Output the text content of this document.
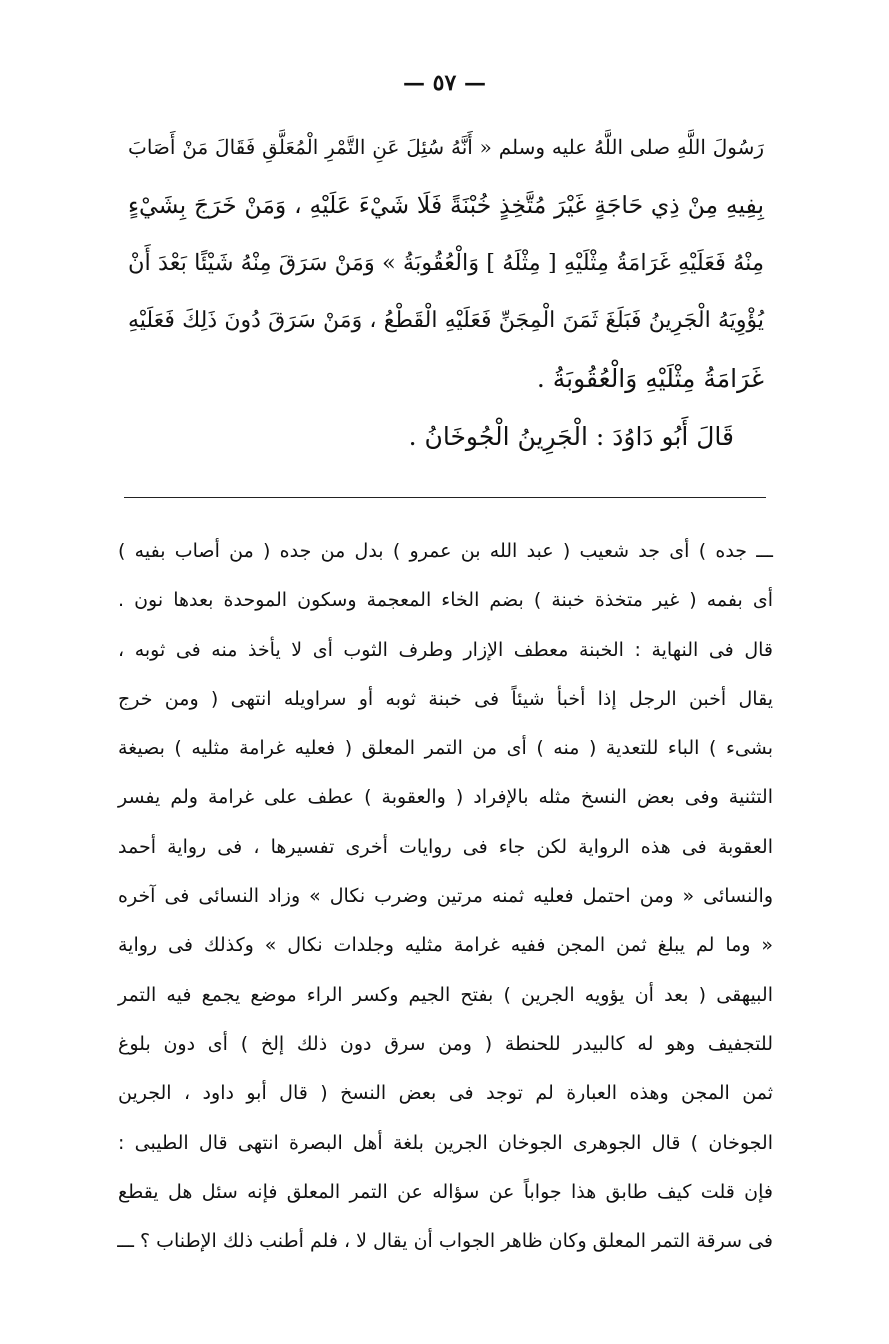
— ٥٧ —
رَسُولَ اللَّهِ صلى اللَّهُ عليه وسلم « أَنَّهُ سُئِلَ عَنِ التَّمْرِ الْمُعَلَّقِ فَقَالَ مَنْ أَصَابَ
بِفِيهِ مِنْ ذِي حَاجَةٍ غَيْرَ مُتَّخِذٍ خُبْنَةً فَلَا شَيْءَ عَلَيْهِ ، وَمَنْ خَرَجَ بِشَيْءٍ
مِنْهُ فَعَلَيْهِ غَرَامَةُ مِثْلَيْهِ [ مِثْلَهُ ] وَالْعُقُوبَةُ » وَمَنْ سَرَقَ مِنْهُ شَيْئًا بَعْدَ أَنْ
يُؤْوِيَهُ الْجَرِينُ فَبَلَغَ ثَمَنَ الْمِجَنِّ فَعَلَيْهِ الْقَطْعُ ، وَمَنْ سَرَقَ دُونَ ذَلِكَ فَعَلَيْهِ
غَرَامَةُ مِثْلَيْهِ وَالْعُقُوبَةُ .
قَالَ أَبُو دَاوُدَ : الْجَرِينُ الْجُوخَانُ .
ـــ جده ) أى جد شعيب ( عبد الله بن عمرو ) بدل من جده ( من أصاب بفيه )
أى بفمه ( غير متخذة خبنة ) بضم الخاء المعجمة وسكون الموحدة بعدها نون .
قال فى النهاية : الخبنة معطف الإزار وطرف الثوب أى لا يأخذ منه فى ثوبه ،
يقال أخبن الرجل إذا أخبأ شيئاً فى خبنة ثوبه أو سراويله انتهى ( ومن خرج
بشىء ) الباء للتعدية ( منه ) أى من التمر المعلق ( فعليه غرامة مثليه ) بصيغة
التثنية وفى بعض النسخ مثله بالإفراد ( والعقوبة ) عطف على غرامة ولم يفسر
العقوبة فى هذه الرواية لكن جاء فى روايات أخرى تفسيرها ، فى رواية أحمد
والنسائى « ومن احتمل فعليه ثمنه مرتين وضرب نكال » وزاد النسائى فى آخره
« وما لم يبلغ ثمن المجن ففيه غرامة مثليه وجلدات نكال » وكذلك فى رواية
البيهقى ( بعد أن يؤويه الجرين ) بفتح الجيم وكسر الراء موضع يجمع فيه التمر
للتجفيف وهو له كالبيدر للحنطة ( ومن سرق دون ذلك إلخ ) أى دون بلوغ
ثمن المجن وهذه العبارة لم توجد فى بعض النسخ ( قال أبو داود ، الجرين
الجوخان ) قال الجوهرى الجوخان الجرين بلغة أهل البصرة انتهى قال الطيبى :
فإن قلت كيف طابق هذا جواباً عن سؤاله عن التمر المعلق فإنه سئل هل يقطع
فى سرقة التمر المعلق وكان ظاهر الجواب أن يقال لا ، فلم أطنب ذلك الإطناب ؟ ـــ
